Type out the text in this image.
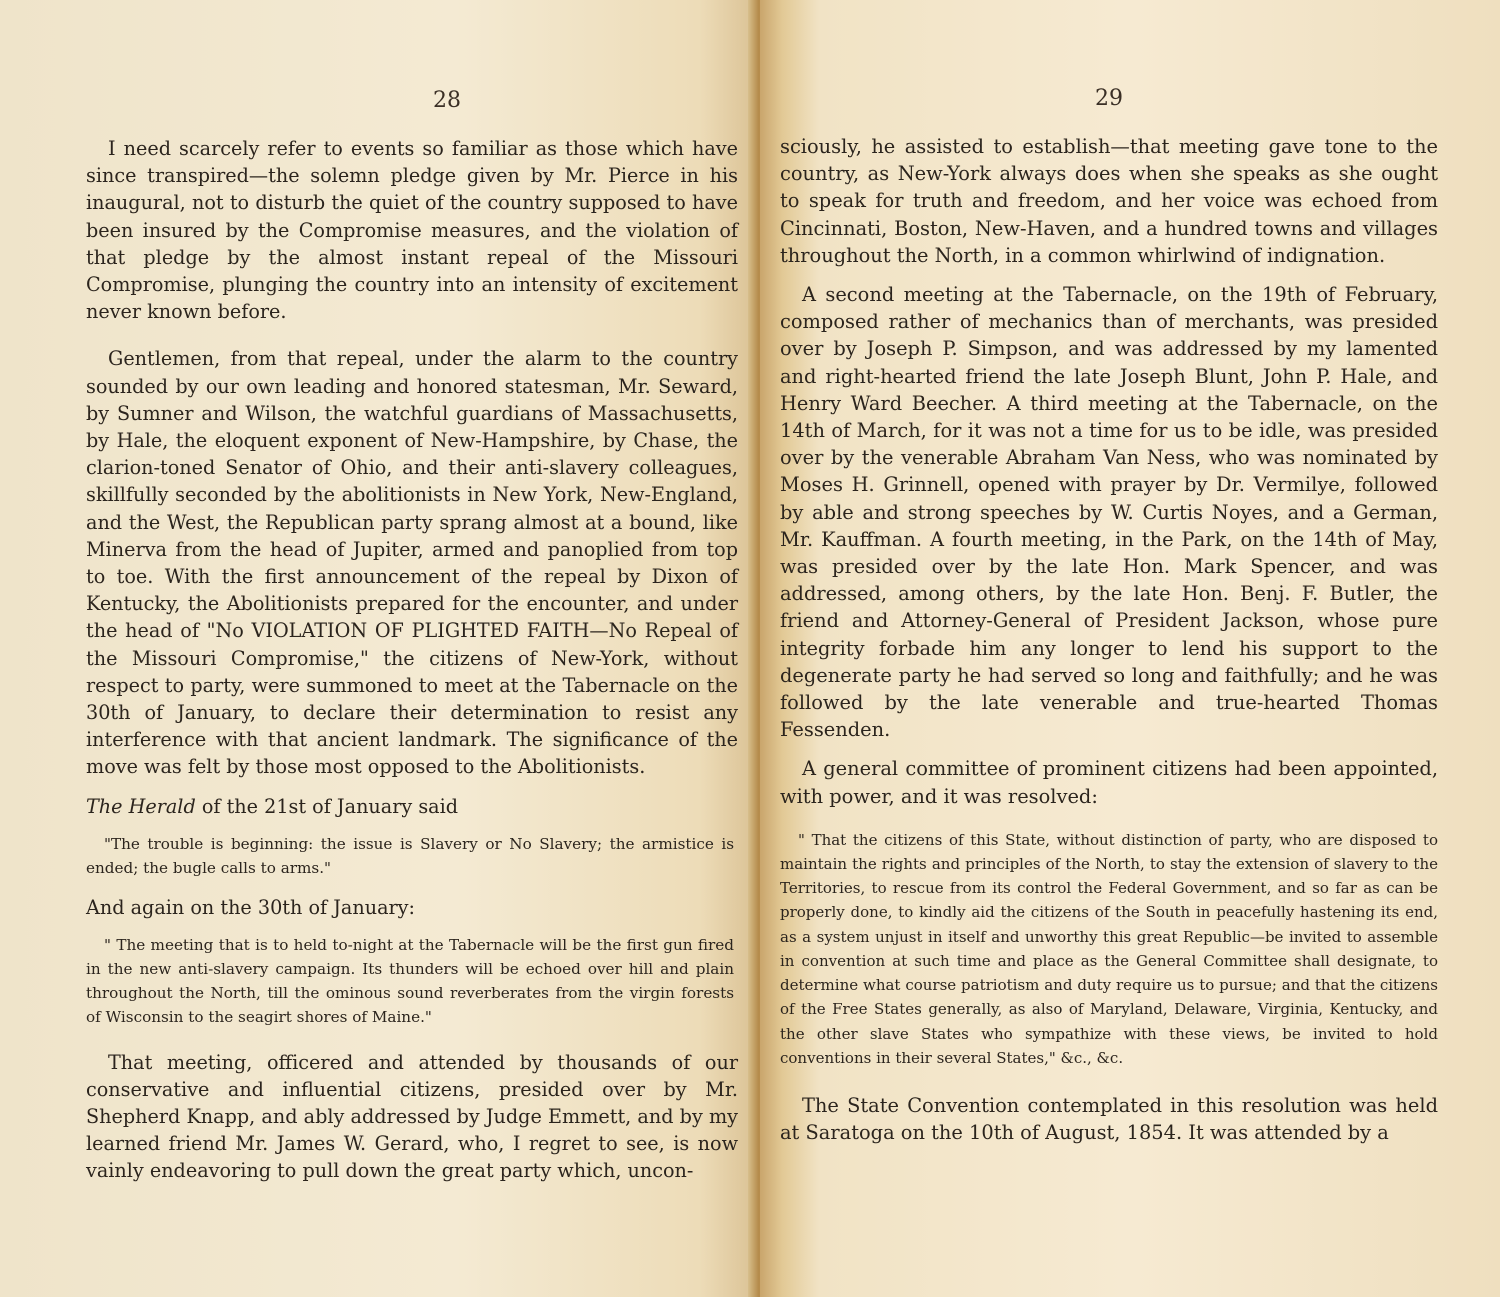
28

I need scarcely refer to events so familiar as those which have since transpired—the solemn pledge given by Mr. Pierce in his inaugural, not to disturb the quiet of the country supposed to have been insured by the Compromise measures, and the violation of that pledge by the almost instant repeal of the Missouri Compromise, plunging the country into an intensity of excitement never known before.

Gentlemen, from that repeal, under the alarm to the country sounded by our own leading and honored statesman, Mr. Seward, by Sumner and Wilson, the watchful guardians of Massachusetts, by Hale, the eloquent exponent of New-Hampshire, by Chase, the clarion-toned Senator of Ohio, and their anti-slavery colleagues, skillfully seconded by the abolitionists in New York, New-England, and the West, the Republican party sprang almost at a bound, like Minerva from the head of Jupiter, armed and panoplied from top to toe. With the first announcement of the repeal by Dixon of Kentucky, the Abolitionists prepared for the encounter, and under the head of "No VIOLATION OF PLIGHTED FAITH—No Repeal of the Missouri Compromise," the citizens of New-York, without respect to party, were summoned to meet at the Tabernacle on the 30th of January, to declare their determination to resist any interference with that ancient landmark. The significance of the move was felt by those most opposed to the Abolitionists.

The Herald of the 21st of January said

"The trouble is beginning: the issue is Slavery or No Slavery; the armistice is ended; the bugle calls to arms."

And again on the 30th of January:

" The meeting that is to held to-night at the Tabernacle will be the first gun fired in the new anti-slavery campaign. Its thunders will be echoed over hill and plain throughout the North, till the ominous sound reverberates from the virgin forests of Wisconsin to the seagirt shores of Maine."

That meeting, officered and attended by thousands of our conservative and influential citizens, presided over by Mr. Shepherd Knapp, and ably addressed by Judge Emmett, and by my learned friend Mr. James W. Gerard, who, I regret to see, is now vainly endeavoring to pull down the great party which, uncon-

29

sciously, he assisted to establish—that meeting gave tone to the country, as New-York always does when she speaks as she ought to speak for truth and freedom, and her voice was echoed from Cincinnati, Boston, New-Haven, and a hundred towns and villages throughout the North, in a common whirlwind of indignation.

A second meeting at the Tabernacle, on the 19th of February, composed rather of mechanics than of merchants, was presided over by Joseph P. Simpson, and was addressed by my lamented and right-hearted friend the late Joseph Blunt, John P. Hale, and Henry Ward Beecher. A third meeting at the Tabernacle, on the 14th of March, for it was not a time for us to be idle, was presided over by the venerable Abraham Van Ness, who was nominated by Moses H. Grinnell, opened with prayer by Dr. Vermilye, followed by able and strong speeches by W. Curtis Noyes, and a German, Mr. Kauffman. A fourth meeting, in the Park, on the 14th of May, was presided over by the late Hon. Mark Spencer, and was addressed, among others, by the late Hon. Benj. F. Butler, the friend and Attorney-General of President Jackson, whose pure integrity forbade him any longer to lend his support to the degenerate party he had served so long and faithfully; and he was followed by the late venerable and true-hearted Thomas Fessenden.

A general committee of prominent citizens had been appointed, with power, and it was resolved:

" That the citizens of this State, without distinction of party, who are disposed to maintain the rights and principles of the North, to stay the extension of slavery to the Territories, to rescue from its control the Federal Government, and so far as can be properly done, to kindly aid the citizens of the South in peacefully hastening its end, as a system unjust in itself and unworthy this great Republic—be invited to assemble in convention at such time and place as the General Committee shall designate, to determine what course patriotism and duty require us to pursue; and that the citizens of the Free States generally, as also of Maryland, Delaware, Virginia, Kentucky, and the other slave States who sympathize with these views, be invited to hold conventions in their several States," &c., &c.

The State Convention contemplated in this resolution was held at Saratoga on the 10th of August, 1854. It was attended by a
